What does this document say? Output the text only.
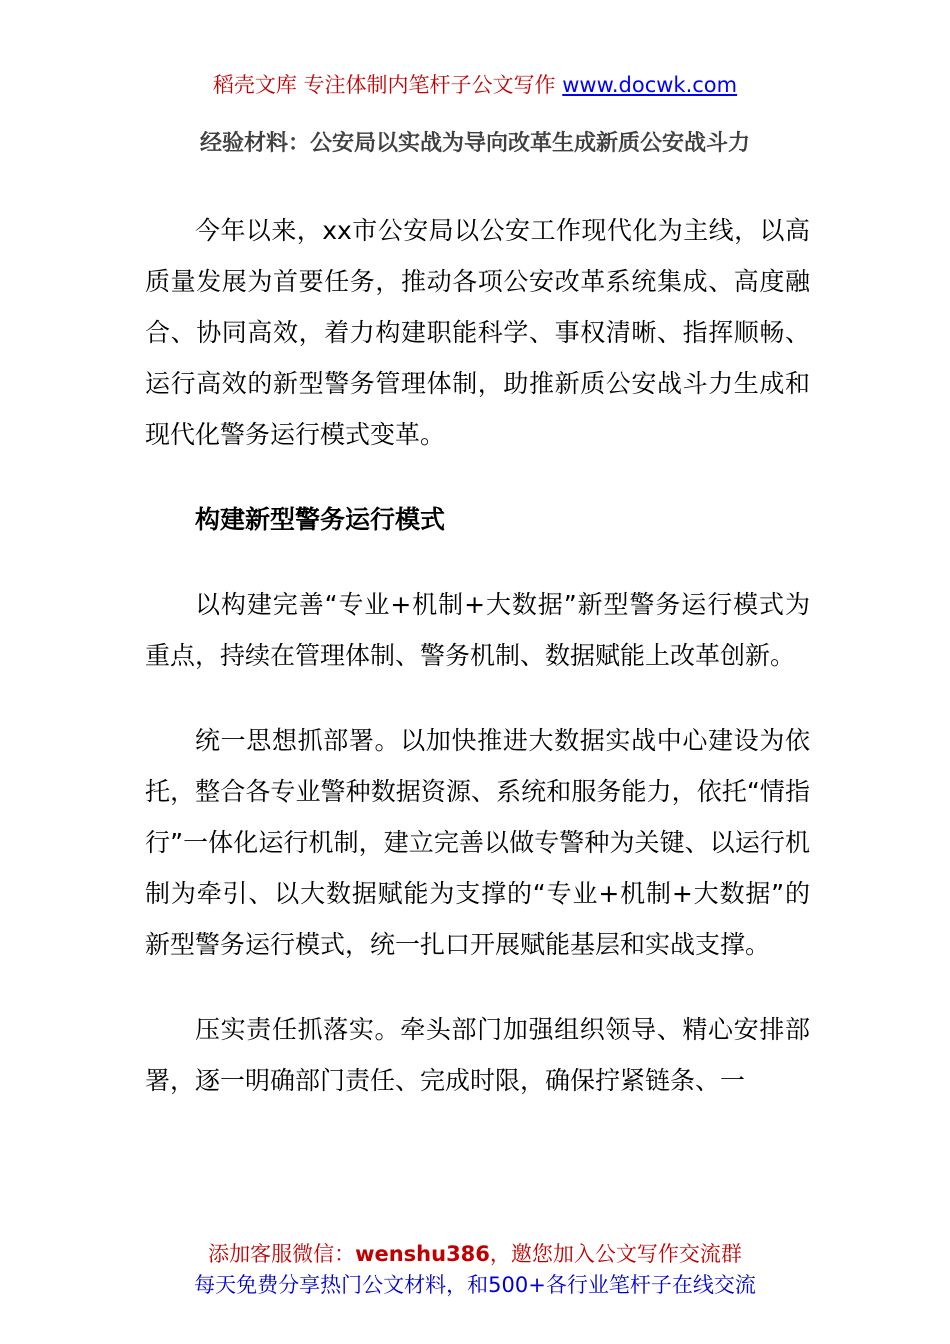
稻壳文库 专注体制内笔杆子公文写作 www.docwk.com
经验材料：公安局以实战为导向改革生成新质公安战斗力

今年以来，xx市公安局以公安工作现代化为主线，以高质量发展为首要任务，推动各项公安改革系统集成、高度融合、协同高效，着力构建职能科学、事权清晰、指挥顺畅、运行高效的新型警务管理体制，助推新质公安战斗力生成和现代化警务运行模式变革。

构建新型警务运行模式

以构建完善“专业+机制+大数据”新型警务运行模式为重点，持续在管理体制、警务机制、数据赋能上改革创新。

统一思想抓部署。以加快推进大数据实战中心建设为依托，整合各专业警种数据资源、系统和服务能力，依托“情指行”一体化运行机制，建立完善以做专警种为关键、以运行机制为牵引、以大数据赋能为支撑的“专业+机制+大数据”的新型警务运行模式，统一扎口开展赋能基层和实战支撑。

压实责任抓落实。牵头部门加强组织领导、精心安排部署，逐一明确部门责任、完成时限，确保拧紧链条、一

添加客服微信：wenshu386，邀您加入公文写作交流群
每天免费分享热门公文材料，和500+各行业笔杆子在线交流
